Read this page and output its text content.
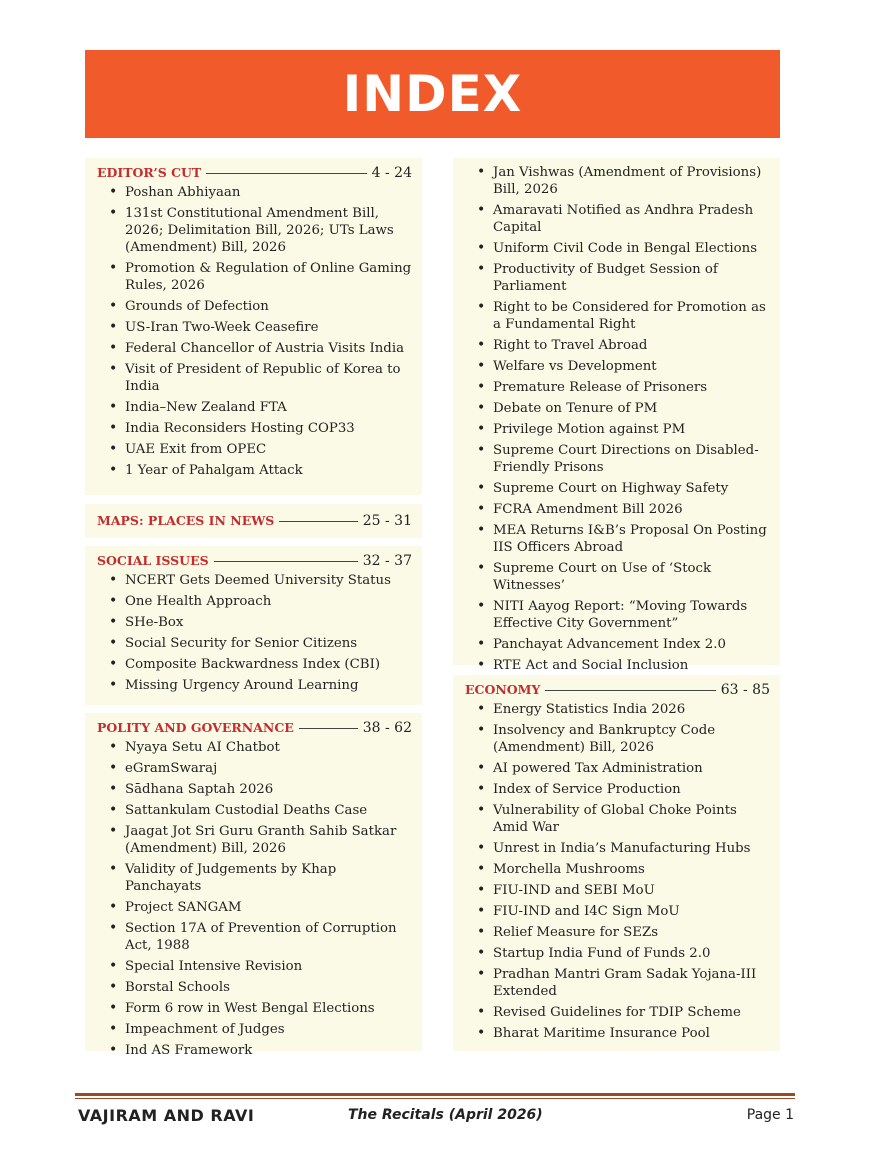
INDEX
EDITOR’S CUT	4 - 24
• Poshan Abhiyaan
• 131st Constitutional Amendment Bill, 2026; Delimitation Bill, 2026; UTs Laws (Amendment) Bill, 2026
• Promotion & Regulation of Online Gaming Rules, 2026
• Grounds of Defection
• US-Iran Two-Week Ceasefire
• Federal Chancellor of Austria Visits India
• Visit of President of Republic of Korea to India
• India–New Zealand FTA
• India Reconsiders Hosting COP33
• UAE Exit from OPEC
• 1 Year of Pahalgam Attack
MAPS: PLACES IN NEWS	25 - 31
SOCIAL ISSUES	32 - 37
• NCERT Gets Deemed University Status
• One Health Approach
• SHe-Box
• Social Security for Senior Citizens
• Composite Backwardness Index (CBI)
• Missing Urgency Around Learning
POLITY AND GOVERNANCE	38 - 62
• Nyaya Setu AI Chatbot
• eGramSwaraj
• Sādhana Saptah 2026
• Sattankulam Custodial Deaths Case
• Jaagat Jot Sri Guru Granth Sahib Satkar (Amendment) Bill, 2026
• Validity of Judgements by Khap Panchayats
• Project SANGAM
• Section 17A of Prevention of Corruption Act, 1988
• Special Intensive Revision
• Borstal Schools
• Form 6 row in West Bengal Elections
• Impeachment of Judges
• Ind AS Framework
• Jan Vishwas (Amendment of Provisions) Bill, 2026
• Amaravati Notified as Andhra Pradesh Capital
• Uniform Civil Code in Bengal Elections
• Productivity of Budget Session of Parliament
• Right to be Considered for Promotion as a Fundamental Right
• Right to Travel Abroad
• Welfare vs Development
• Premature Release of Prisoners
• Debate on Tenure of PM
• Privilege Motion against PM
• Supreme Court Directions on Disabled-Friendly Prisons
• Supreme Court on Highway Safety
• FCRA Amendment Bill 2026
• MEA Returns I&B’s Proposal On Posting IIS Officers Abroad
• Supreme Court on Use of ‘Stock Witnesses’
• NITI Aayog Report: “Moving Towards Effective City Government”
• Panchayat Advancement Index 2.0
• RTE Act and Social Inclusion
ECONOMY	63 - 85
• Energy Statistics India 2026
• Insolvency and Bankruptcy Code (Amendment) Bill, 2026
• AI powered Tax Administration
• Index of Service Production
• Vulnerability of Global Choke Points Amid War
• Unrest in India’s Manufacturing Hubs
• Morchella Mushrooms
• FIU-IND and SEBI MoU
• FIU-IND and I4C Sign MoU
• Relief Measure for SEZs
• Startup India Fund of Funds 2.0
• Pradhan Mantri Gram Sadak Yojana-III Extended
• Revised Guidelines for TDIP Scheme
• Bharat Maritime Insurance Pool
VAJIRAM AND RAVI	The Recitals (April 2026)	Page 1
